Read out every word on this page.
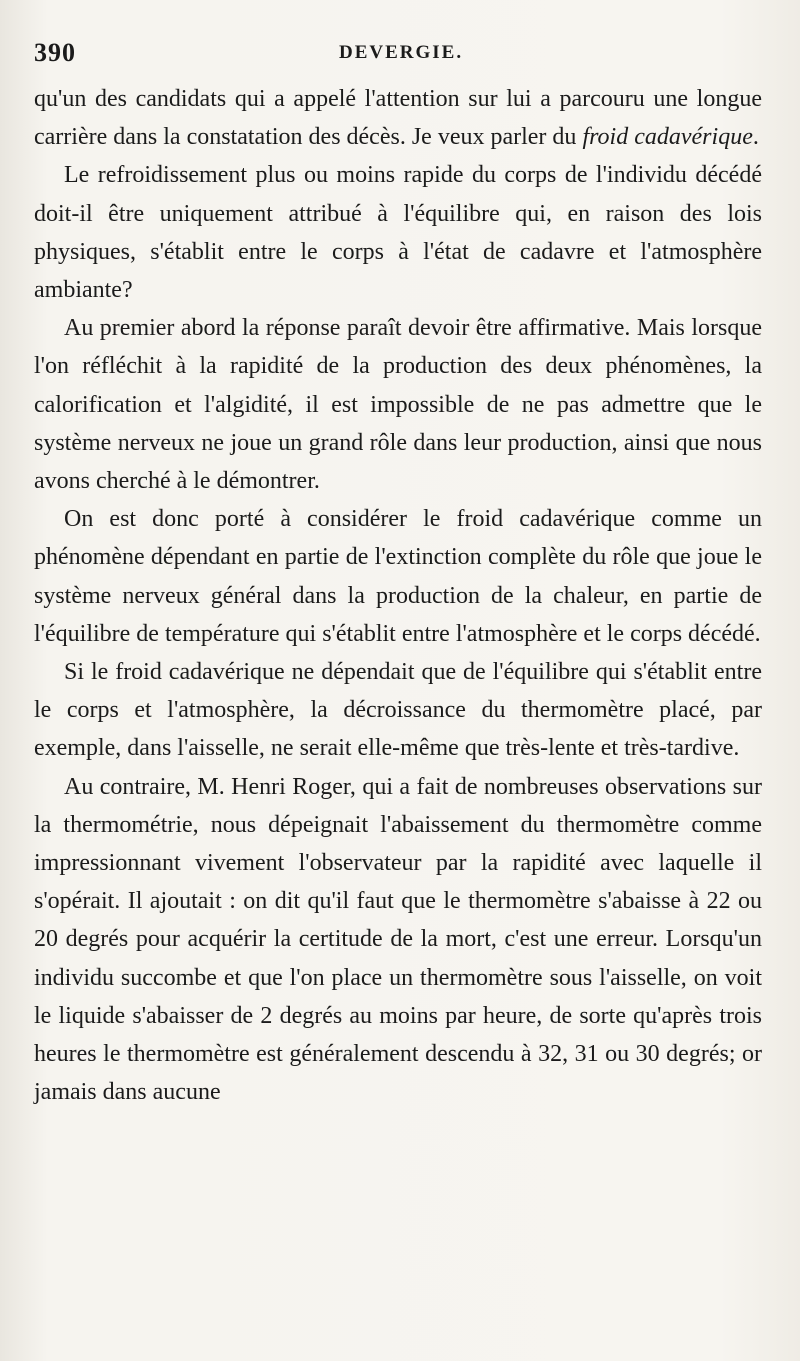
390	DEVERGIE.

qu'un des candidats qui a appelé l'attention sur lui a parcouru une longue carrière dans la constatation des décès. Je veux parler du froid cadavérique.

Le refroidissement plus ou moins rapide du corps de l'individu décédé doit-il être uniquement attribué à l'équilibre qui, en raison des lois physiques, s'établit entre le corps à l'état de cadavre et l'atmosphère ambiante?

Au premier abord la réponse paraît devoir être affirmative. Mais lorsque l'on réfléchit à la rapidité de la production des deux phénomènes, la calorification et l'algidité, il est impossible de ne pas admettre que le système nerveux ne joue un grand rôle dans leur production, ainsi que nous avons cherché à le démontrer.

On est donc porté à considérer le froid cadavérique comme un phénomène dépendant en partie de l'extinction complète du rôle que joue le système nerveux général dans la production de la chaleur, en partie de l'équilibre de température qui s'établit entre l'atmosphère et le corps décédé.

Si le froid cadavérique ne dépendait que de l'équilibre qui s'établit entre le corps et l'atmosphère, la décroissance du thermomètre placé, par exemple, dans l'aisselle, ne serait elle-même que très-lente et très-tardive.

Au contraire, M. Henri Roger, qui a fait de nombreuses observations sur la thermométrie, nous dépeignait l'abaissement du thermomètre comme impressionnant vivement l'observateur par la rapidité avec laquelle il s'opérait. Il ajoutait : on dit qu'il faut que le thermomètre s'abaisse à 22 ou 20 degrés pour acquérir la certitude de la mort, c'est une erreur. Lorsqu'un individu succombe et que l'on place un thermomètre sous l'aisselle, on voit le liquide s'abaisser de 2 degrés au moins par heure, de sorte qu'après trois heures le thermomètre est généralement descendu à 32, 31 ou 30 degrés; or jamais dans aucune
